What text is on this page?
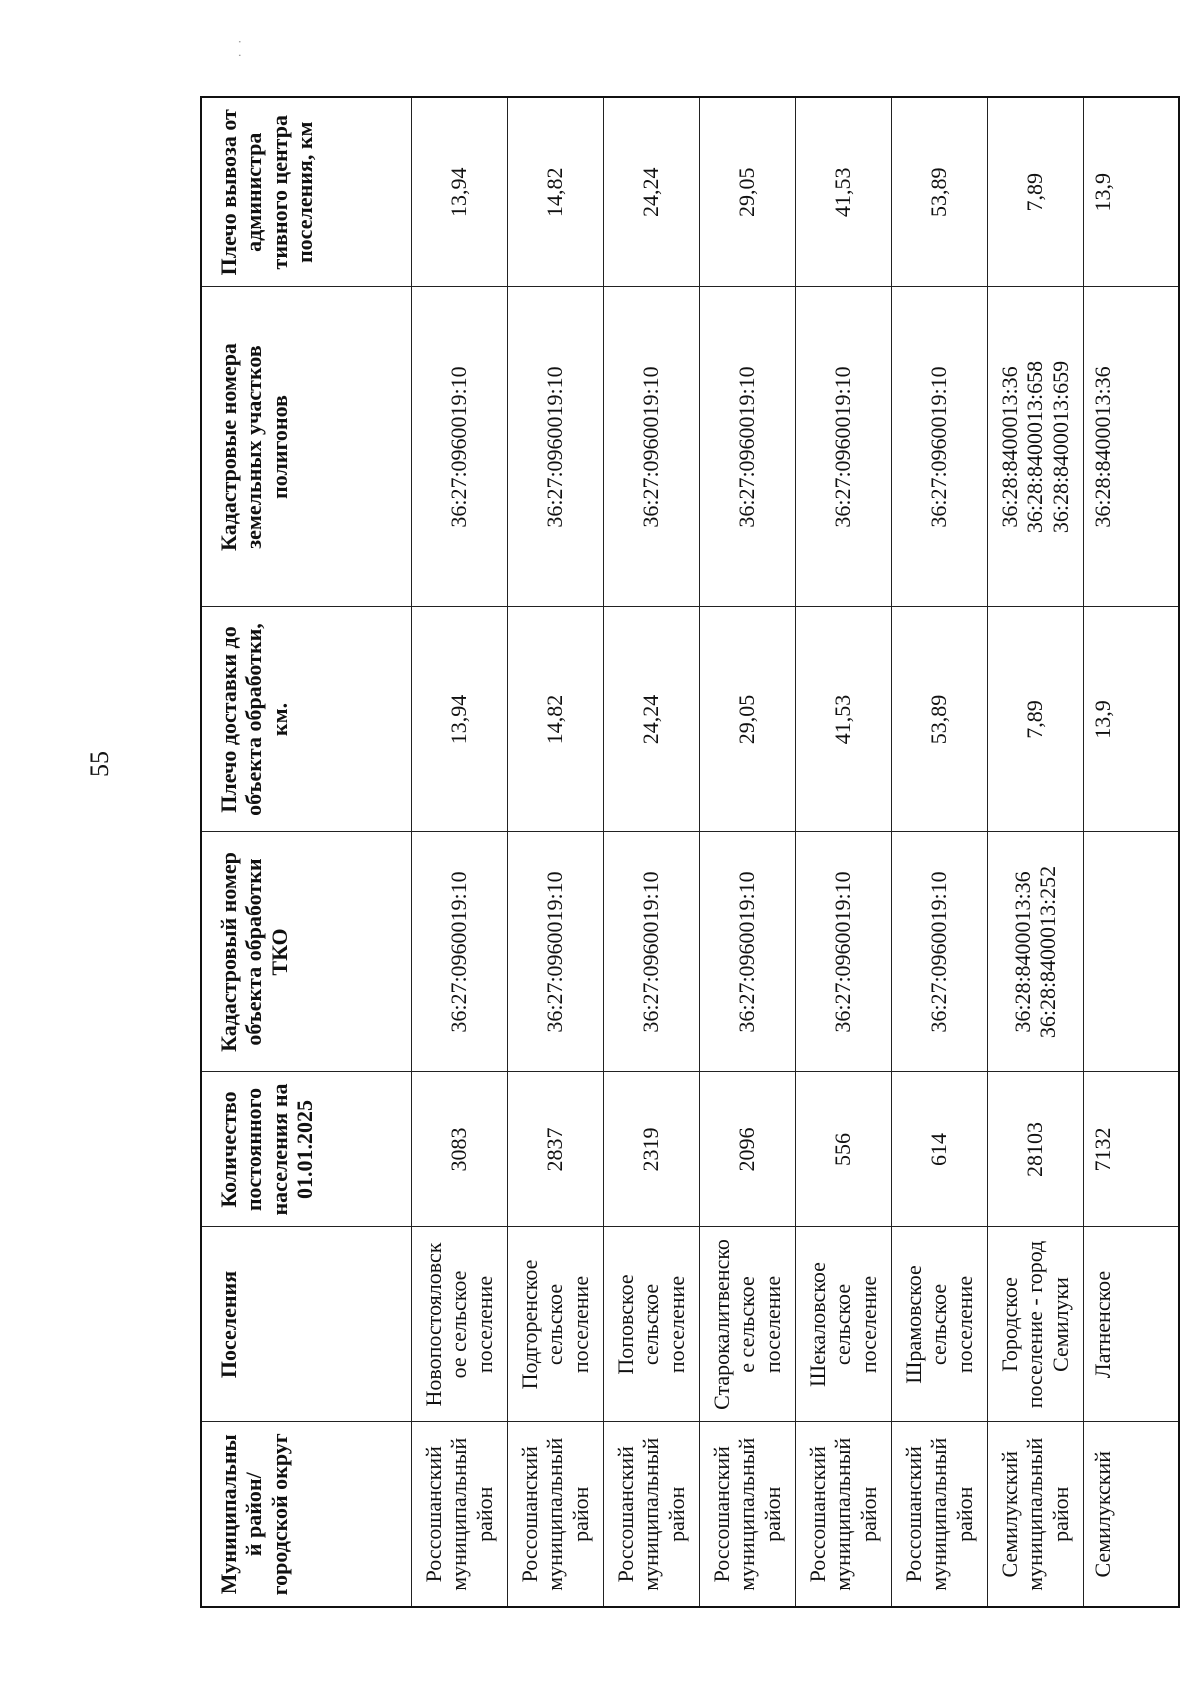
55
· ·
Муниципальны й район/ городской округ	Поселения	Количество постоянного населения на 01.01.2025	Кадастровый номер объекта обработки ТКО	Плечо доставки до объекта обработки, км.	Кадастровые номера земельных участков полигонов	Плечо вывоза от администра тивного центра поселения, км
Россошанский муниципальный район	Новопостояловск ое сельское поселение	3083	36:27:0960019:10	13,94	36:27:0960019:10	13,94
Россошанский муниципальный район	Подгоренское сельское поселение	2837	36:27:0960019:10	14,82	36:27:0960019:10	14,82
Россошанский муниципальный район	Поповское сельское поселение	2319	36:27:0960019:10	24,24	36:27:0960019:10	24,24
Россошанский муниципальный район	Старокалитвенско е сельское поселение	2096	36:27:0960019:10	29,05	36:27:0960019:10	29,05
Россошанский муниципальный район	Шекаловское сельское поселение	556	36:27:0960019:10	41,53	36:27:0960019:10	41,53
Россошанский муниципальный район	Шрамовское сельское поселение	614	36:27:0960019:10	53,89	36:27:0960019:10	53,89
Семилукский муниципальный район	Городское поселение - город Семилуки	28103	36:28:8400013:36 36:28:8400013:252	7,89	36:28:8400013:36 36:28:8400013:658 36:28:8400013:659	7,89
Семилукский	Латненское	7132		13,9	36:28:8400013:36	13,9
